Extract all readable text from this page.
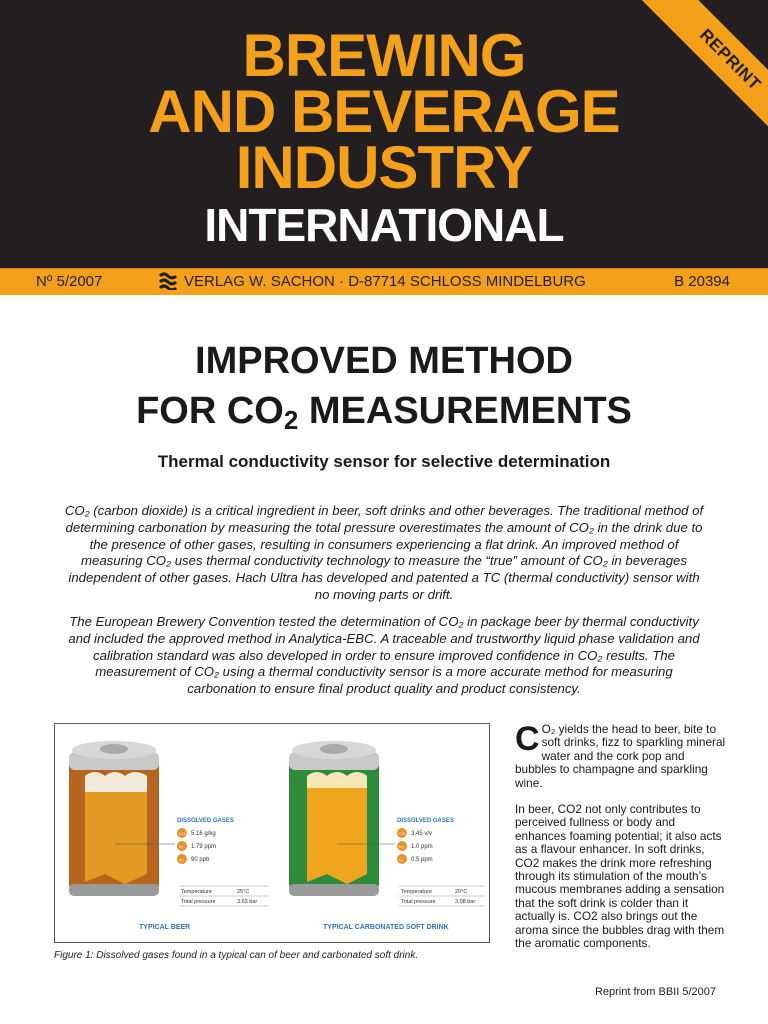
REPRINT
BREWING
AND BEVERAGE
INDUSTRY
INTERNATIONAL
Nº 5/2007	VERLAG W. SACHON · D-87714 SCHLOSS MINDELBURG	B 20394
IMPROVED METHOD
FOR $CO_2$ MEASUREMENTS
Thermal conductivity sensor for selective determination

CO₂ (carbon dioxide) is a critical ingredient in beer, soft drinks and other beverages. The traditional method of determining carbonation by measuring the total pressure overestimates the amount of CO₂ in the drink due to the presence of other gases, resulting in consumers experiencing a flat drink. An improved method of measuring CO₂ uses thermal conductivity technology to measure the “true” amount of CO₂ in beverages independent of other gases. Hach Ultra has developed and patented a TC (thermal conductivity) sensor with no moving parts or drift.

The European Brewery Convention tested the determination of CO₂ in package beer by thermal conductivity and included the approved method in Analytica-EBC. A traceable and trustworthy liquid phase validation and calibration standard was also developed in order to ensure improved confidence in CO₂ results. The measurement of CO₂ using a thermal conductivity sensor is a more accurate method for measuring carbonation to ensure final product quality and product consistency.

DISSOLVED GASES
CO₂ 5.16 g/kg
N₂ 1.79 ppm
O₂ 90 ppb
Temperature	25°C
Total pressure	3.63 bar
TYPICAL BEER
DISSOLVED GASES
CO₂ 3.45 v/v
N₂ 1.0 ppm
O₂ 0.5 ppm
Temperature	20°C
Total pressure	3.08 bar
TYPICAL CARBONATED SOFT DRINK
Figure 1: Dissolved gases found in a typical can of beer and carbonated soft drink.
C O₂ yields the head to beer, bite to soft drinks, fizz to sparkling mineral water and the cork pop and bubbles to champagne and sparkling wine.
In beer, CO2 not only contributes to perceived fullness or body and enhances foaming potential; it also acts as a flavour enhancer. In soft drinks, CO2 makes the drink more refreshing through its stimulation of the mouth’s mucous membranes adding a sensation that the soft drink is colder than it actually is. CO2 also brings out the aroma since the bubbles drag with them the aromatic components.
Reprint from BBII 5/2007
